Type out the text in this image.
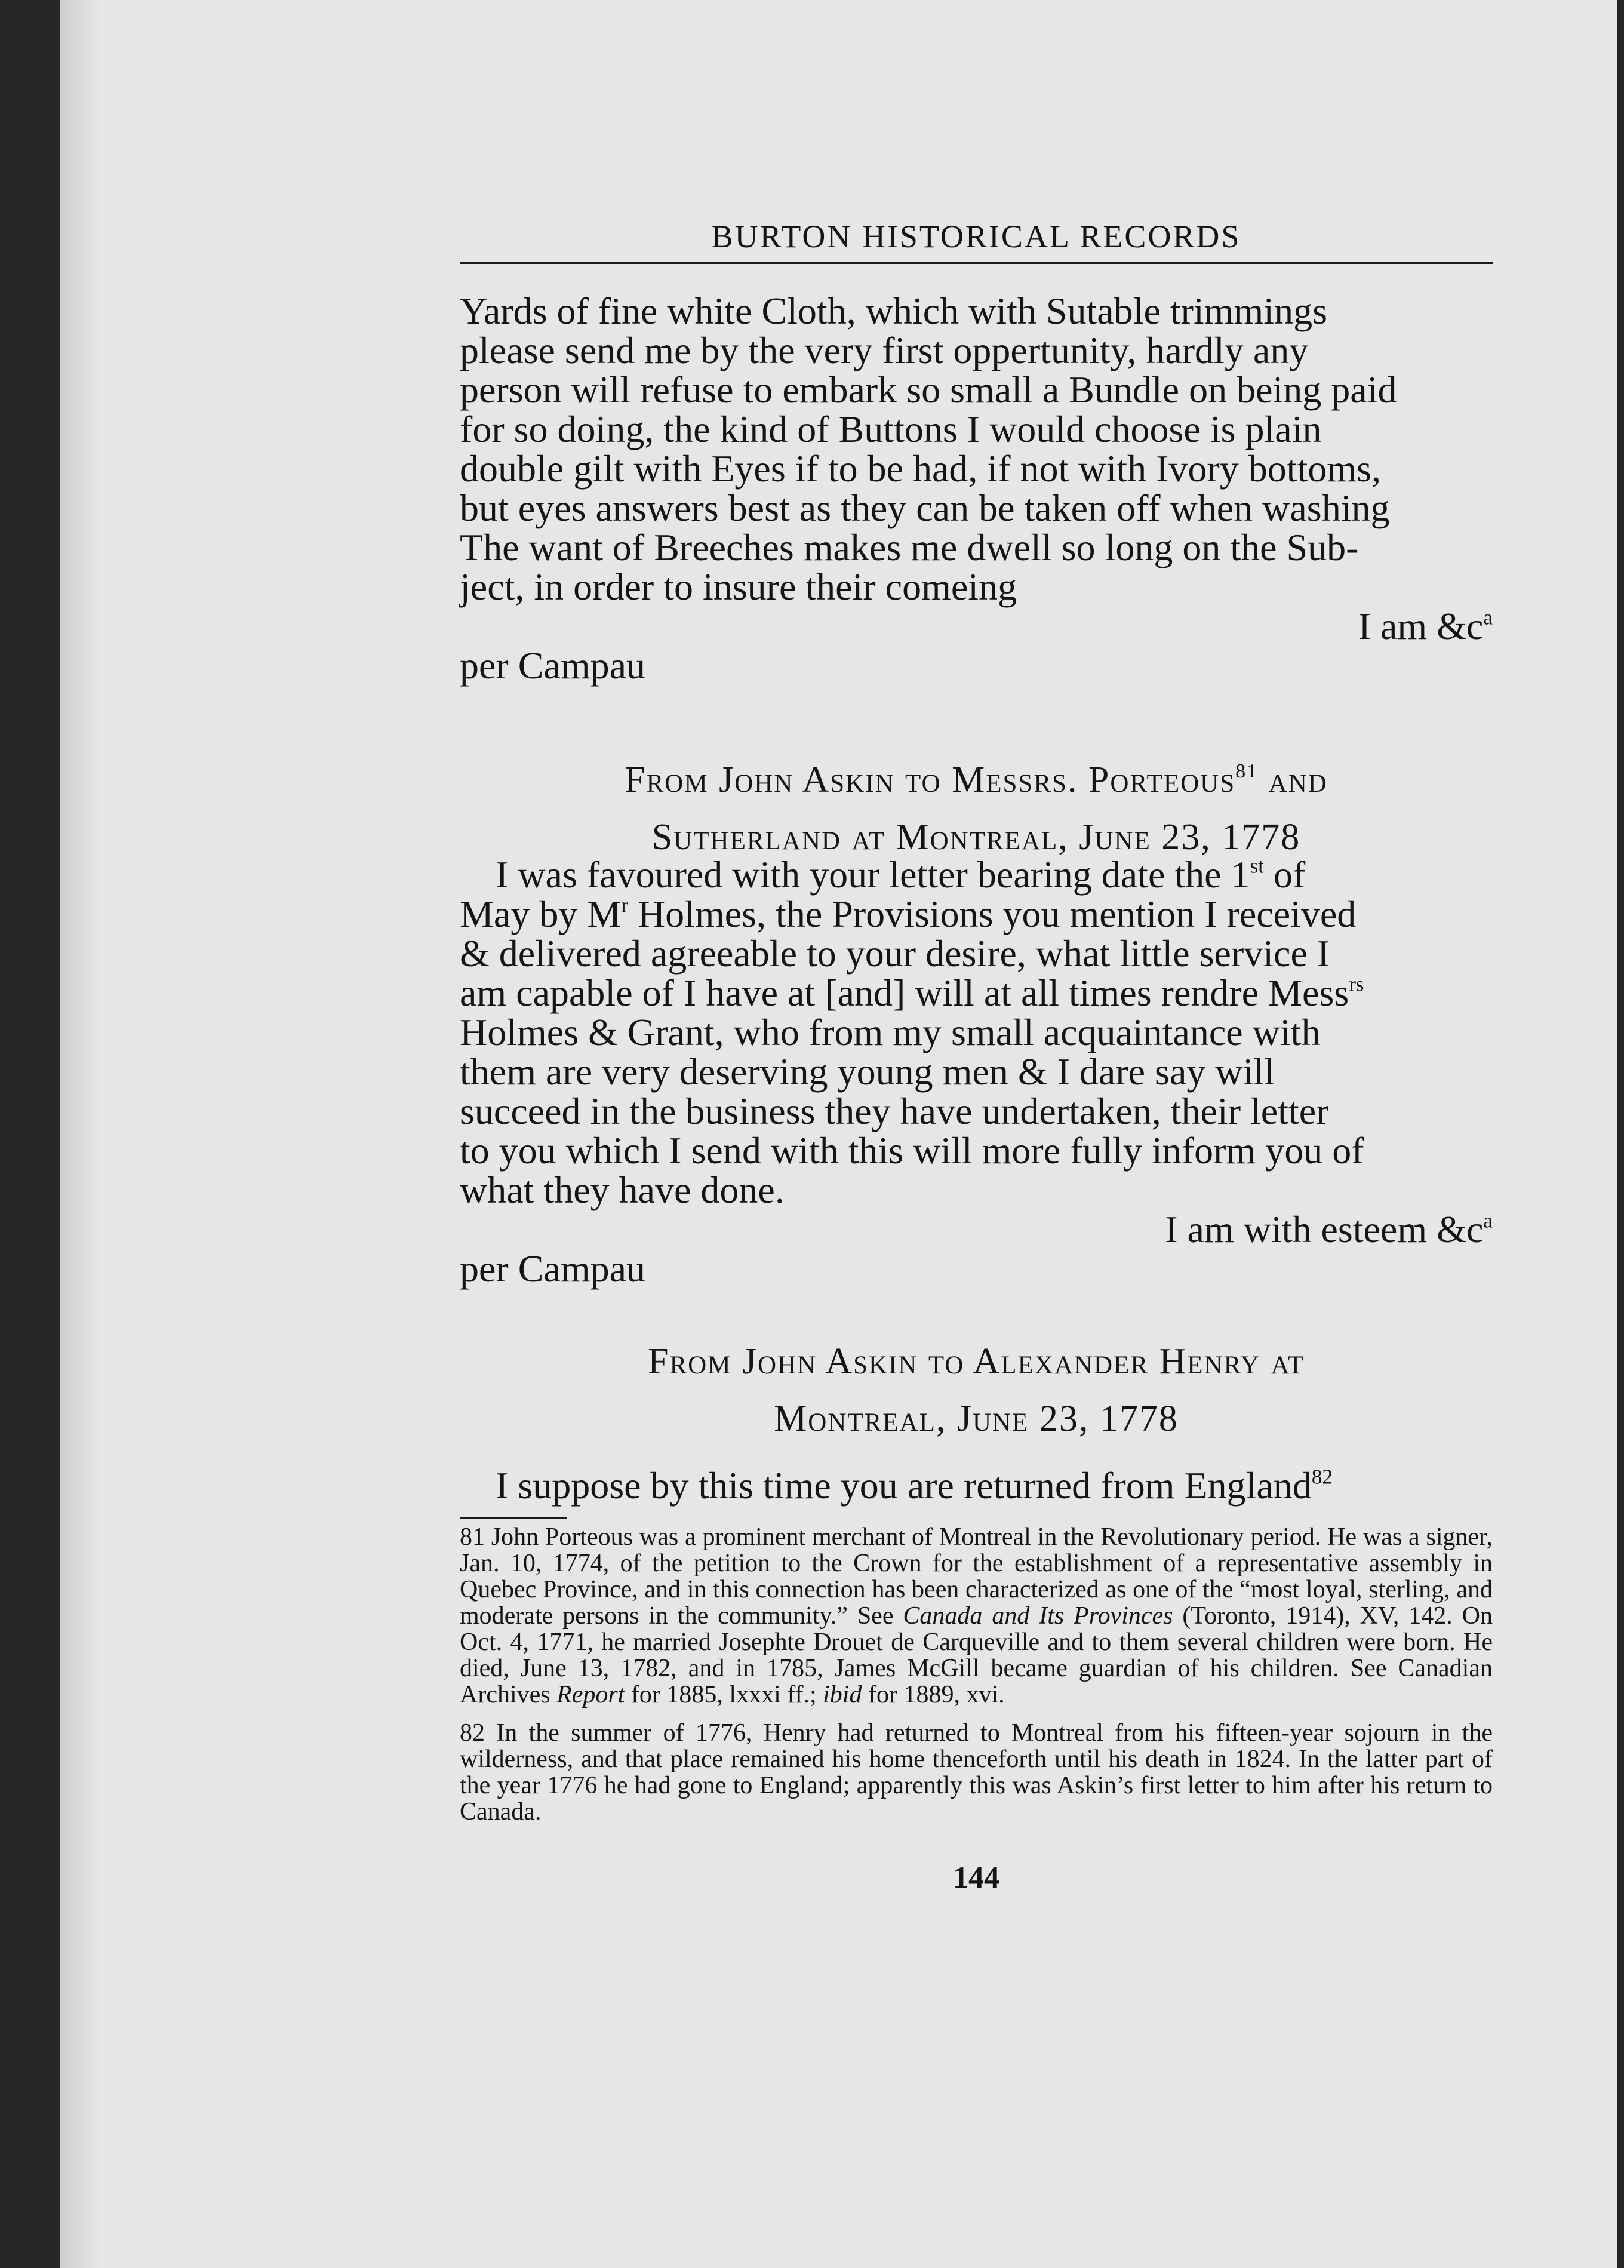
BURTON HISTORICAL RECORDS
Yards of fine white Cloth, which with Sutable trimmings
please send me by the very first oppertunity, hardly any
person will refuse to embark so small a Bundle on being paid
for so doing, the kind of Buttons I would choose is plain
double gilt with Eyes if to be had, if not with Ivory bottoms,
but eyes answers best as they can be taken off when washing
The want of Breeches makes me dwell so long on the Sub-
ject, in order to insure their comeing
I am $\&c^a$
per Campau
From John Askin to Messrs. Porteous$^{81}$ and
Sutherland at Montreal, June 23, 1778
I was favoured with your letter bearing date the 1st of
May by $M^r$ Holmes, the Provisions you mention I received
& delivered agreeable to your desire, what little service I
am capable of I have at [and] will at all times rendre Mess$^{rs}$
Holmes & Grant, who from my small acquaintance with
them are very deserving young men & I dare say will
succeed in the business they have undertaken, their letter
to you which I send with this will more fully inform you of
what they have done.
I am with esteem $\&c^a$
per Campau
From John Askin to Alexander Henry at
Montreal, June 23, 1778
I suppose by this time you are returned from England$^{82}$
81 John Porteous was a prominent merchant of Montreal in the Revolutionary period. He was a signer, Jan. 10, 1774, of the petition to the Crown for the establishment of a representative assembly in Quebec Province, and in this connection has been characterized as one of the “most loyal, sterling, and moderate persons in the community.” See Canada and Its Provinces (Toronto, 1914), XV, 142. On Oct. 4, 1771, he married Josephte Drouet de Carqueville and to them several children were born. He died, June 13, 1782, and in 1785, James McGill became guardian of his children. See Canadian Archives Report for 1885, lxxxi ff.; ibid for 1889, xvi.
82 In the summer of 1776, Henry had returned to Montreal from his fifteen-year sojourn in the wilderness, and that place remained his home thenceforth until his death in 1824. In the latter part of the year 1776 he had gone to England; apparently this was Askin’s first letter to him after his return to Canada.
144
